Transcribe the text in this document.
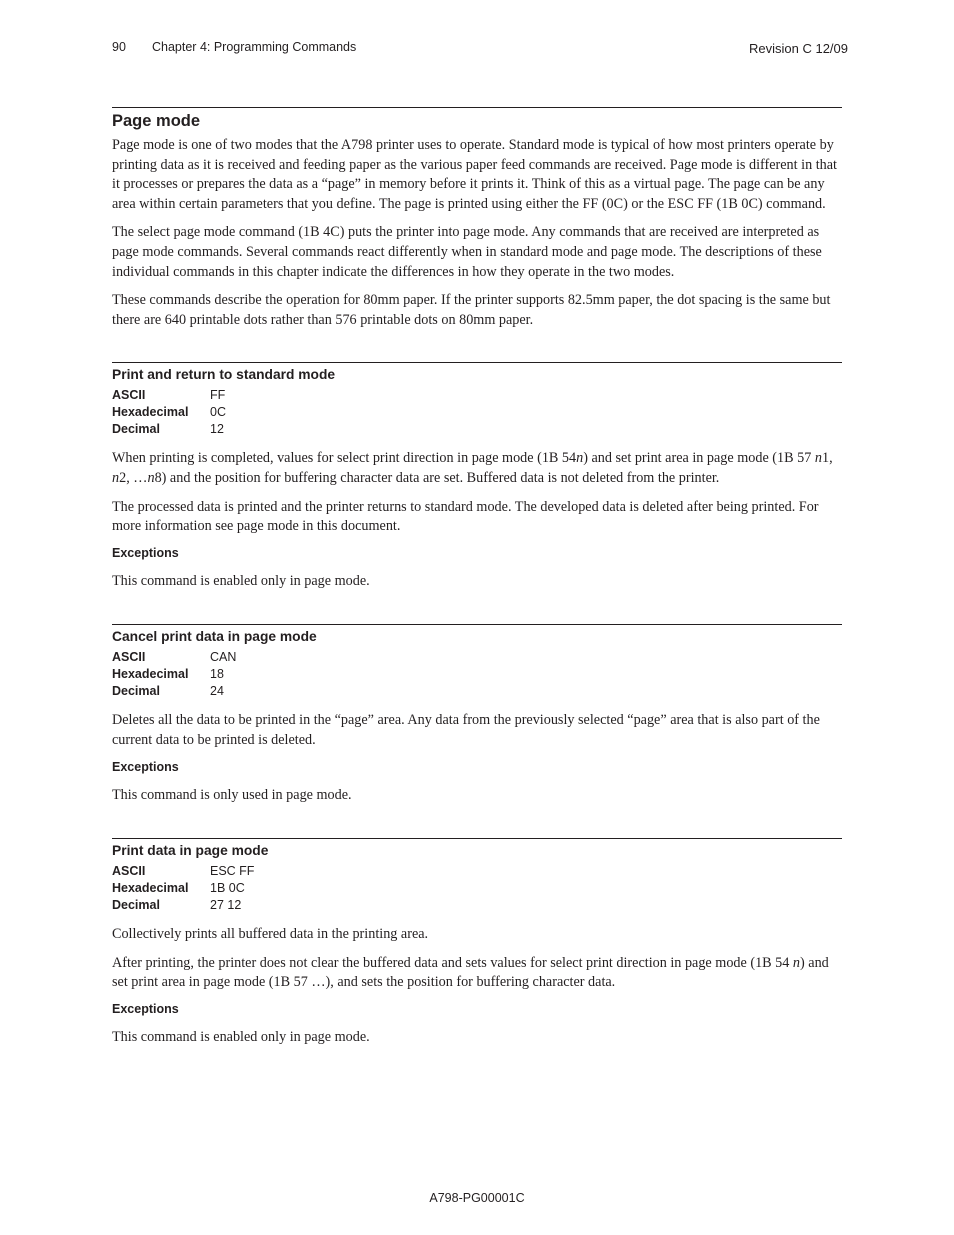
90 Chapter 4: Programming Commands	Revision C 12/09
Page mode

Page mode is one of two modes that the A798 printer uses to operate. Standard mode is typical of how most printers operate by printing data as it is received and feeding paper as the various paper feed commands are received. Page mode is different in that it processes or prepares the data as a “page” in memory before it prints it. Think of this as a virtual page. The page can be any area within certain parameters that you define. The page is printed using either the FF (0C) or the ESC FF (1B 0C) command.

The select page mode command (1B 4C) puts the printer into page mode. Any commands that are received are interpreted as page mode commands. Several commands react differently when in standard mode and page mode. The descriptions of these individual commands in this chapter indicate the differences in how they operate in the two modes.

These commands describe the operation for 80mm paper. If the printer supports 82.5mm paper, the dot spacing is the same but there are 640 printable dots rather than 576 printable dots on 80mm paper.

Print and return to standard mode
ASCII	FF
Hexadecimal	0C
Decimal	12

When printing is completed, values for select print direction in page mode (1B 54n) and set print area in page mode (1B 57 n1, n2, …n8) and the position for buffering character data are set. Buffered data is not deleted from the printer.

The processed data is printed and the printer returns to standard mode. The developed data is deleted after being printed. For more information see page mode in this document.

Exceptions

This command is enabled only in page mode.

Cancel print data in page mode
ASCII	CAN
Hexadecimal	18
Decimal	24

Deletes all the data to be printed in the “page” area. Any data from the previously selected “page” area that is also part of the current data to be printed is deleted.

Exceptions

This command is only used in page mode.

Print data in page mode
ASCII	ESC FF
Hexadecimal	1B 0C
Decimal	27 12

Collectively prints all buffered data in the printing area.

After printing, the printer does not clear the buffered data and sets values for select print direction in page mode (1B 54 n) and set print area in page mode (1B 57 …), and sets the position for buffering character data.

Exceptions

This command is enabled only in page mode.

A798-PG00001C
